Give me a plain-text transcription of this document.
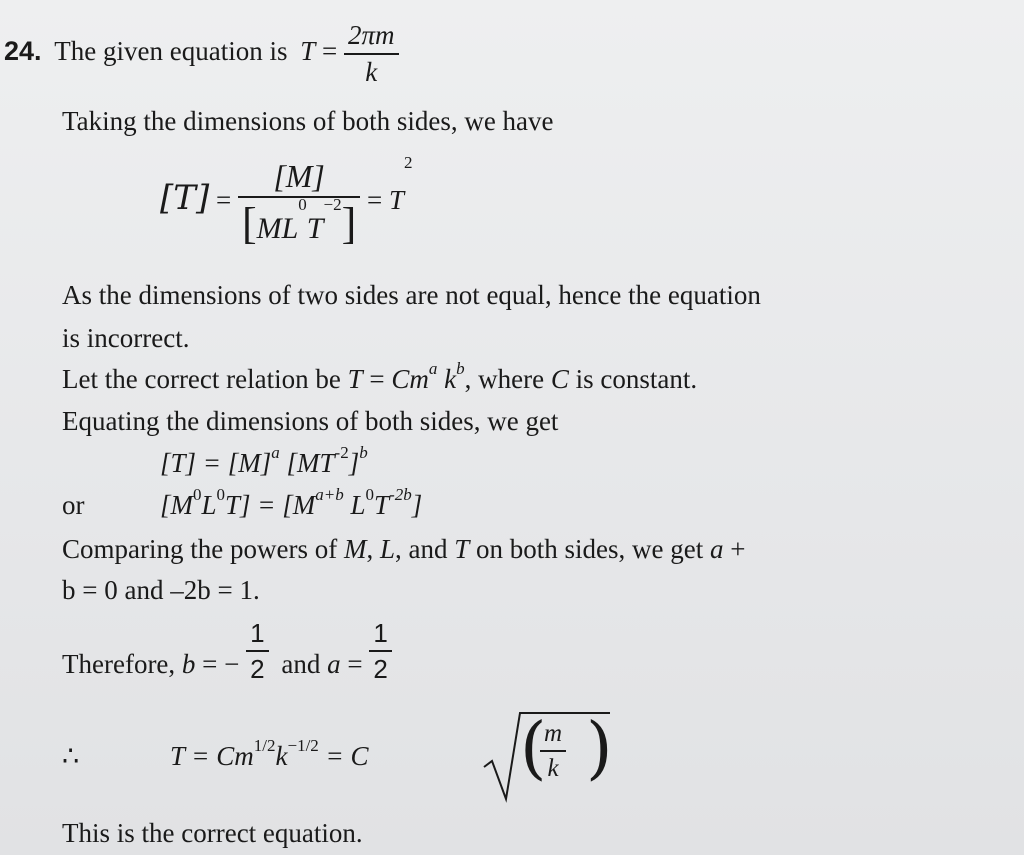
24. The given equation is $T = \frac{2\pi m}{k}$
Taking the dimensions of both sides, we have
$[T] = \frac{[M]}{[ML^0T^{-2}]} = T^2$
As the dimensions of two sides are not equal, hence the equation
is incorrect.
Let the correct relation be $T = Cm^a$ $k^b$, where C is constant.
Equating the dimensions of both sides, we get
$[T] = [M]^a$ $[MT^{-2}]^b$
or	$[M^0L^0T] = [M^{a+b}$ $L^0T^{-2b}$]
Comparing the powers of M, L, and T on both sides, we get a +
b = 0 and –2b = 1.
Therefore, b = − $\frac{1}{2}$ and $a = \frac{1}{2}$
∴	$T = Cm^{1/2}k^{-1/2} = C$	$\frac{m}{k}$
( )
This is the correct equation.
